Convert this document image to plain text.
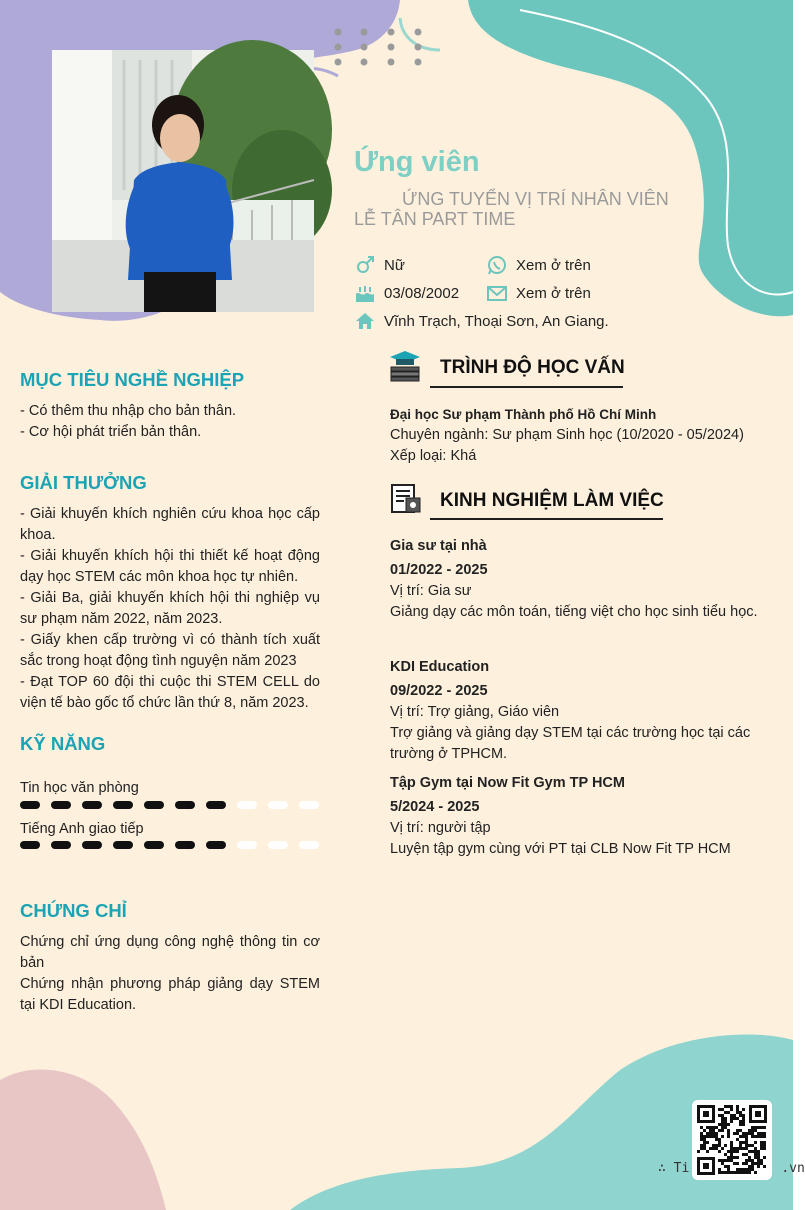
Ứng viên

ỨNG TUYỂN VỊ TRÍ NHÂN VIÊN LỄ TÂN PART TIME

Nữ	Xem ở trên
03/08/2002	Xem ở trên
Vĩnh Trạch, Thoại Sơn, An Giang.
MỤC TIÊU NGHỀ NGHIỆP

- Có thêm thu nhập cho bản thân.

- Cơ hội phát triển bản thân.

GIẢI THƯỞNG

- Giải khuyến khích nghiên cứu khoa học cấp khoa.

- Giải khuyến khích hội thi thiết kế hoạt động dạy học STEM các môn khoa học tự nhiên.

- Giải Ba, giải khuyến khích hội thi nghiệp vụ sư phạm năm 2022, năm 2023.

- Giấy khen cấp trường vì có thành tích xuất sắc trong hoạt động tình nguyện năm 2023

- Đạt TOP 60 đội thi cuộc thi STEM CELL do viện tế bào gốc tổ chức lần thứ 8, năm 2023.

KỸ NĂNG
Tin học văn phòng
Tiếng Anh giao tiếp
CHỨNG CHỈ

Chứng chỉ ứng dụng công nghệ thông tin cơ bản

Chứng nhận phương pháp giảng dạy STEM tại KDI Education.

TRÌNH ĐỘ HỌC VẤN

Đại học Sư phạm Thành phố Hồ Chí Minh

Chuyên ngành: Sư phạm Sinh học (10/2020 - 05/2024)

Xếp loại: Khá

KINH NGHIỆM LÀM VIỆC

Gia sư tại nhà

01/2022 - 2025

Vị trí: Gia sư

Giảng dạy các môn toán, tiếng việt cho học sinh tiểu học.

KDI Education

09/2022 - 2025

Vị trí: Trợ giảng, Giáo viên

Trợ giảng và giảng dạy STEM tại các trường học tại các trường ở TPHCM.

Tập Gym tại Now Fit Gym TP HCM

5/2024 - 2025

Vị trí: người tập

Luyện tập gym cùng với PT tại CLB Now Fit TP HCM

∴ Ti	.vn
